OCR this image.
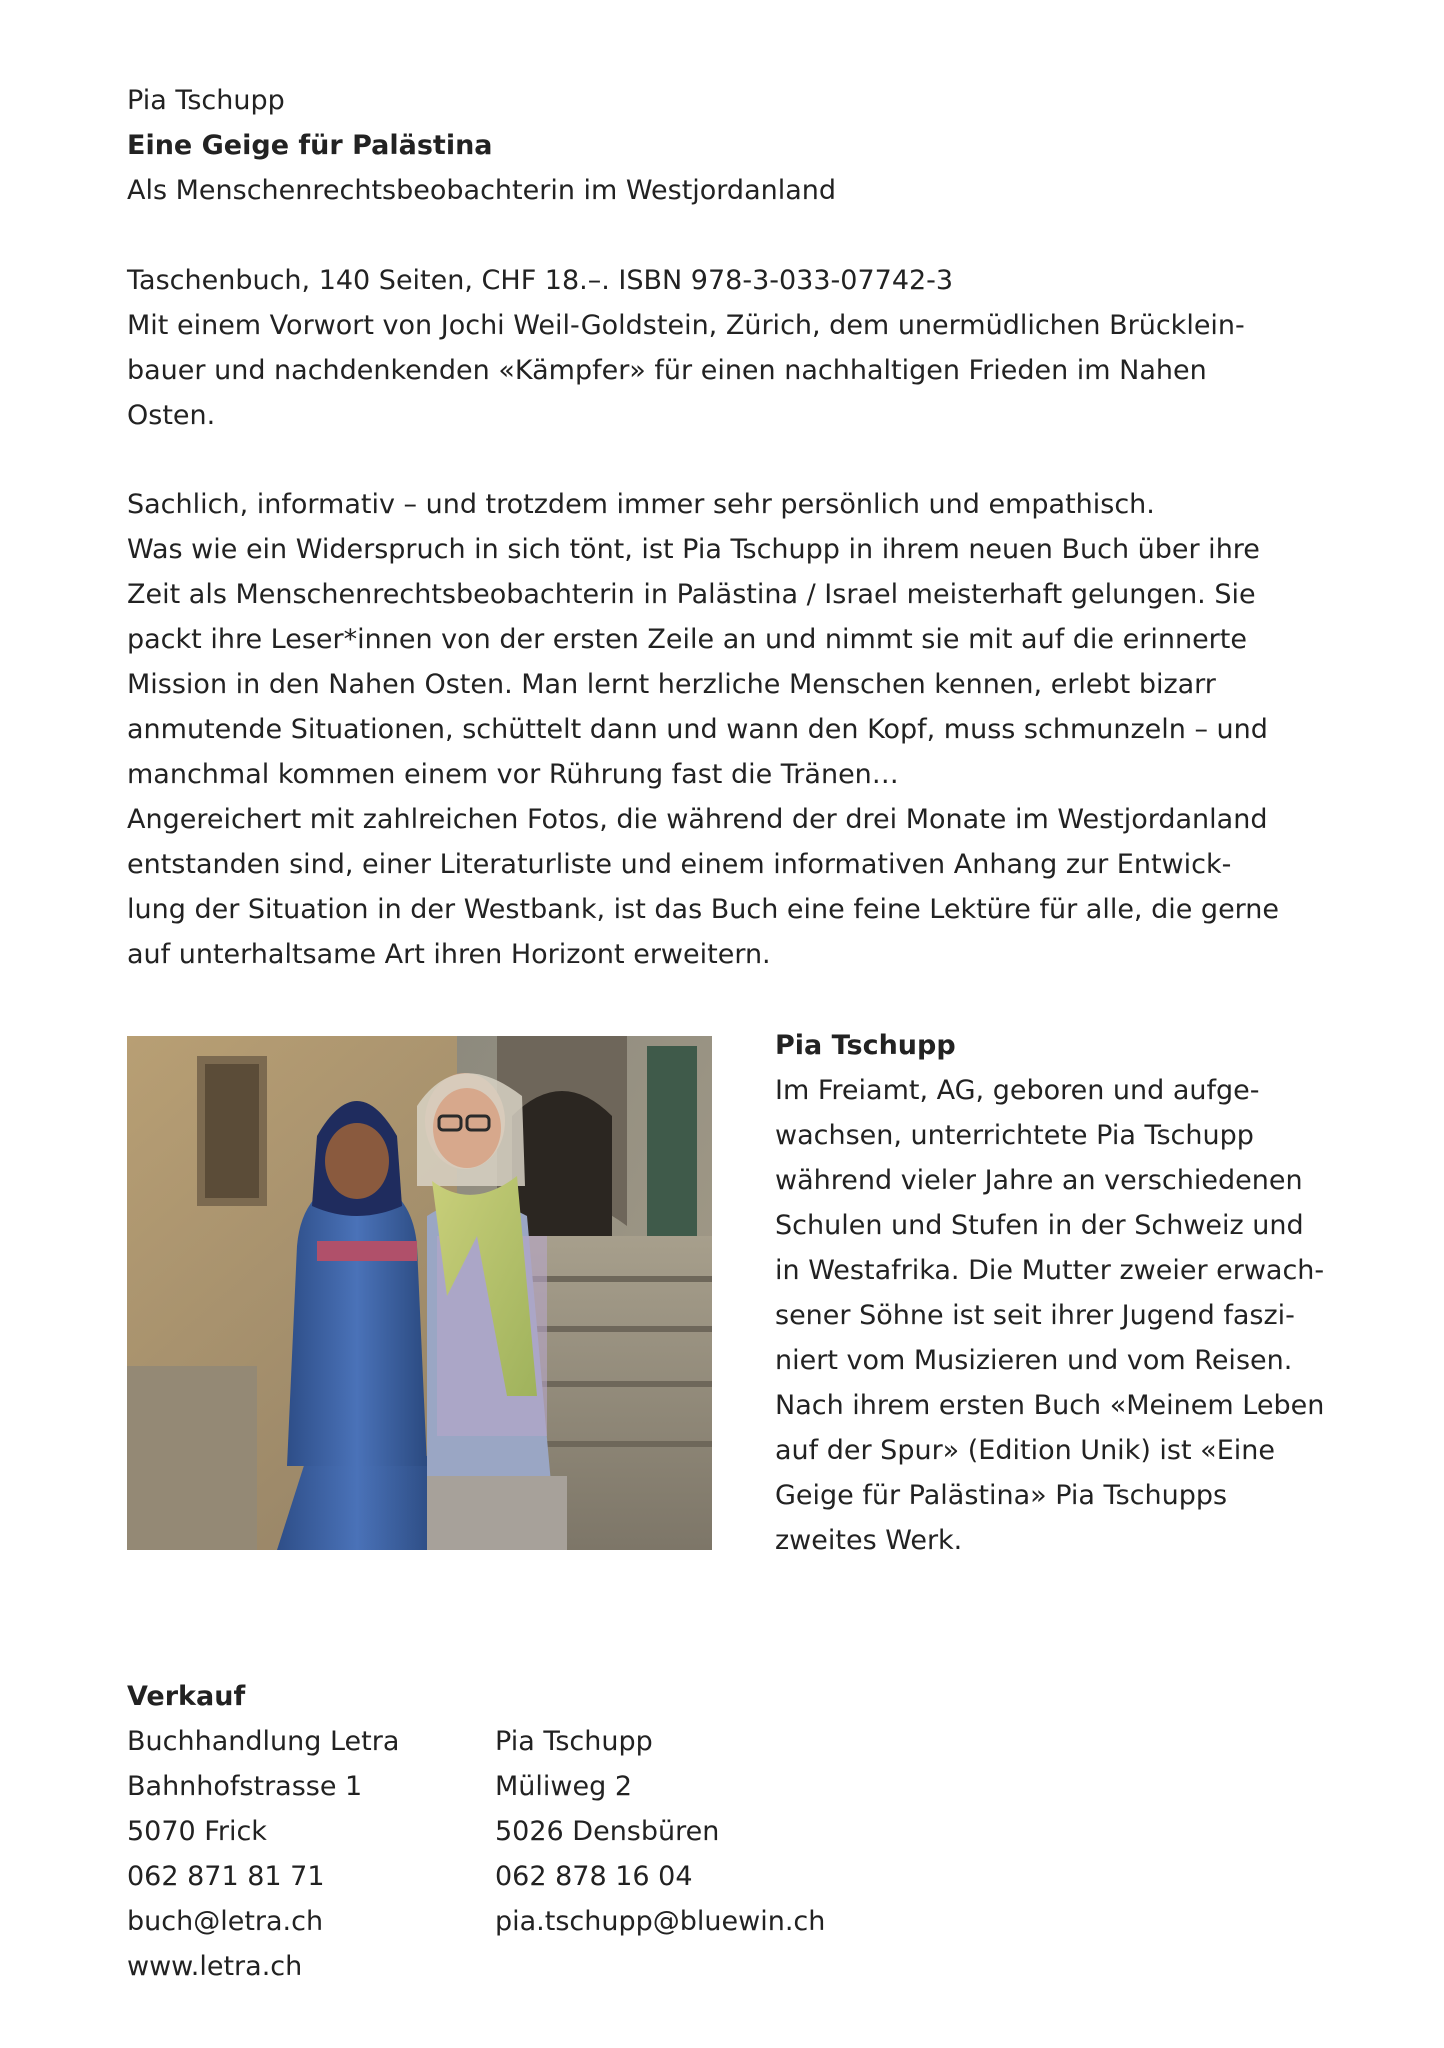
Pia Tschupp
Eine Geige für Palästina
Als Menschenrechtsbeobachterin im Westjordanland
Taschenbuch, 140 Seiten, CHF 18.–. ISBN 978-3-033-07742-3
Mit einem Vorwort von Jochi Weil-Goldstein, Zürich, dem unermüdlichen Brücklein-
bauer und nachdenkenden «Kämpfer» für einen nachhaltigen Frieden im Nahen
Osten.
Sachlich, informativ – und trotzdem immer sehr persönlich und empathisch.
Was wie ein Widerspruch in sich tönt, ist Pia Tschupp in ihrem neuen Buch über ihre
Zeit als Menschenrechtsbeobachterin in Palästina / Israel meisterhaft gelungen. Sie
packt ihre Leser*innen von der ersten Zeile an und nimmt sie mit auf die erinnerte
Mission in den Nahen Osten. Man lernt herzliche Menschen kennen, erlebt bizarr
anmutende Situationen, schüttelt dann und wann den Kopf, muss schmunzeln – und
manchmal kommen einem vor Rührung fast die Tränen…
Angereichert mit zahlreichen Fotos, die während der drei Monate im Westjordanland
entstanden sind, einer Literaturliste und einem informativen Anhang zur Entwick-
lung der Situation in der Westbank, ist das Buch eine feine Lektüre für alle, die gerne
auf unterhaltsame Art ihren Horizont erweitern.
Pia Tschupp
Im Freiamt, AG, geboren und aufge-
wachsen, unterrichtete Pia Tschupp
während vieler Jahre an verschiedenen
Schulen und Stufen in der Schweiz und
in Westafrika. Die Mutter zweier erwach-
sener Söhne ist seit ihrer Jugend faszi-
niert vom Musizieren und vom Reisen.
Nach ihrem ersten Buch «Meinem Leben
auf der Spur» (Edition Unik) ist «Eine
Geige für Palästina» Pia Tschupps
zweites Werk.
Verkauf
Buchhandlung Letra
Bahnhofstrasse 1
5070 Frick
062 871 81 71
buch@letra.ch
www.letra.ch
Pia Tschupp
Müliweg 2
5026 Densbüren
062 878 16 04
pia.tschupp@bluewin.ch
